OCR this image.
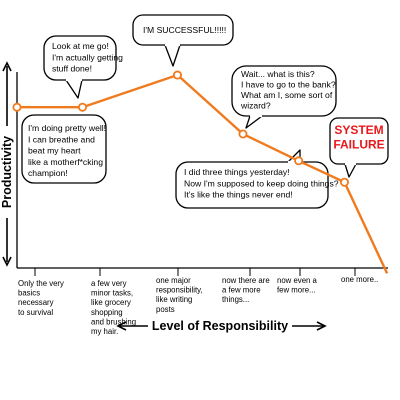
Only the very basics necessary to survival
a few very minor tasks, like grocery shopping and brushing my hair.
one major responsibility, like writing posts
now there are a few more things...
now even a few more...
one more..
I'm doing pretty well! I can breathe and beat my heart like a motherf*cking champion!
Look at me go! I'm actually getting stuff done!
I'M SUCCESSFUL!!!!!
Wait... what is this? I have to go to the bank? What am I, some sort of wizard?
I did three things yesterday! Now I'm supposed to keep doing things? It's like the things never end!
SYSTEM FAILURE
Productivity
Level of Responsibility
